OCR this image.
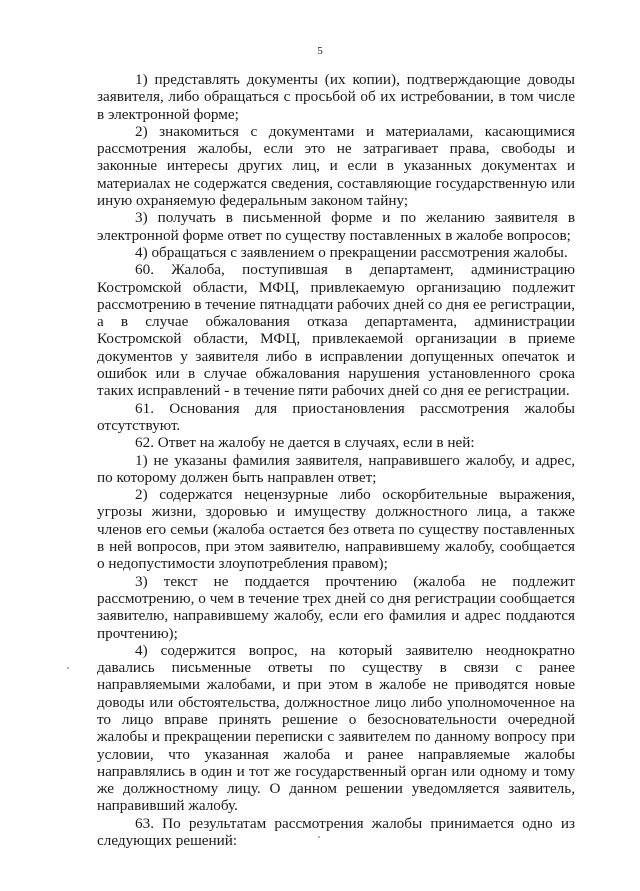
5

1) представлять документы (их копии), подтверждающие доводы заявителя, либо обращаться с просьбой об их истребовании, в том числе в электронной форме;

2) знакомиться с документами и материалами, касающимися рассмотрения жалобы, если это не затрагивает права, свободы и законные интересы других лиц, и если в указанных документах и материалах не содержатся сведения, составляющие государственную или иную охраняемую федеральным законом тайну;

3) получать в письменной форме и по желанию заявителя в электронной форме ответ по существу поставленных в жалобе вопросов;

4) обращаться с заявлением о прекращении рассмотрения жалобы.

60. Жалоба, поступившая в департамент, администрацию Костромской области, МФЦ, привлекаемую организацию подлежит рассмотрению в течение пятнадцати рабочих дней со дня ее регистрации, а в случае обжалования отказа департамента, администрации Костромской области, МФЦ, привлекаемой организации в приеме документов у заявителя либо в исправлении допущенных опечаток и ошибок или в случае обжалования нарушения установленного срока таких исправлений - в течение пяти рабочих дней со дня ее регистрации.

61. Основания для приостановления рассмотрения жалобы отсутствуют.

62. Ответ на жалобу не дается в случаях, если в ней:

1) не указаны фамилия заявителя, направившего жалобу, и адрес, по которому должен быть направлен ответ;

2) содержатся нецензурные либо оскорбительные выражения, угрозы жизни, здоровью и имуществу должностного лица, а также членов его семьи (жалоба остается без ответа по существу поставленных в ней вопросов, при этом заявителю, направившему жалобу, сообщается о недопустимости злоупотребления правом);

3) текст не поддается прочтению (жалоба не подлежит рассмотрению, о чем в течение трех дней со дня регистрации сообщается заявителю, направившему жалобу, если его фамилия и адрес поддаются прочтению);

4) содержится вопрос, на который заявителю неоднократно давались письменные ответы по существу в связи с ранее направляемыми жалобами, и при этом в жалобе не приводятся новые доводы или обстоятельства, должностное лицо либо уполномоченное на то лицо вправе принять решение о безосновательности очередной жалобы и прекращении переписки с заявителем по данному вопросу при условии, что указанная жалоба и ранее направляемые жалобы направлялись в один и тот же государственный орган или одному и тому же должностному лицу. О данном решении уведомляется заявитель, направивший жалобу.

63. По результатам рассмотрения жалобы принимается одно из следующих решений:
